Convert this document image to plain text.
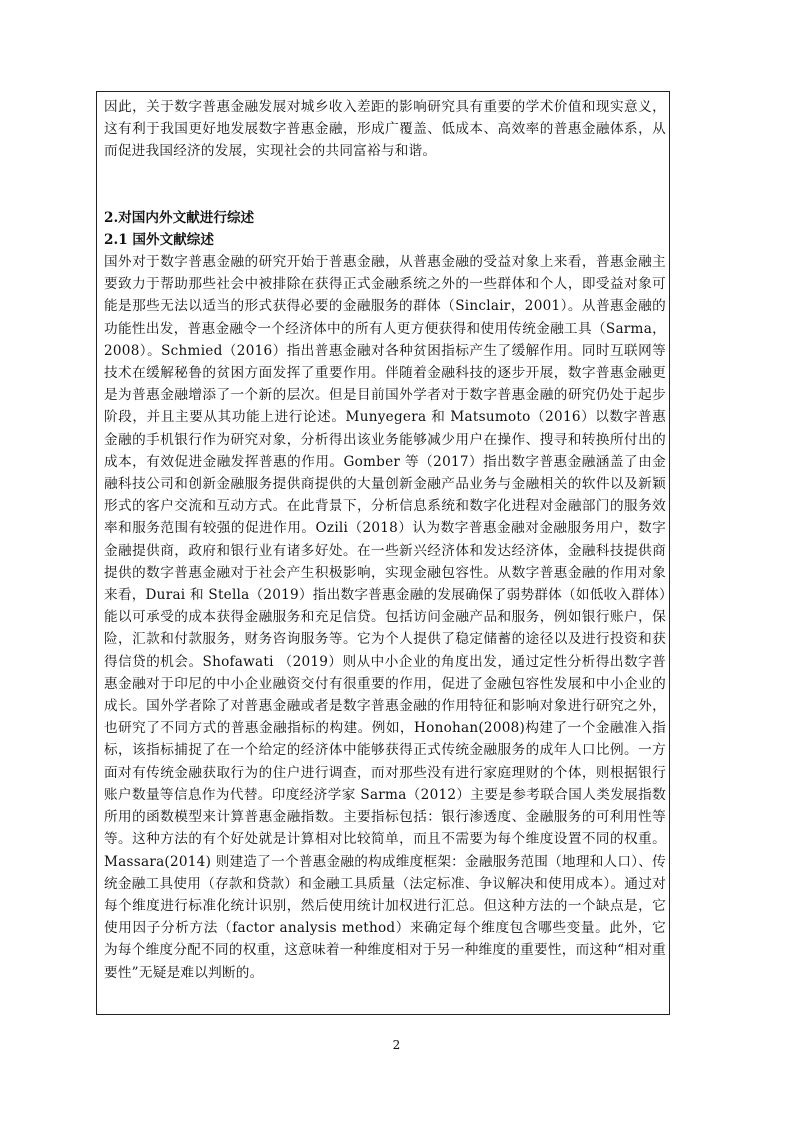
因此，关于数字普惠金融发展对城乡收入差距的影响研究具有重要的学术价值和现实意义，这有利于我国更好地发展数字普惠金融，形成广覆盖、低成本、高效率的普惠金融体系，从而促进我国经济的发展，实现社会的共同富裕与和谐。

2.对国内外文献进行综述

2.1 国外文献综述

国外对于数字普惠金融的研究开始于普惠金融，从普惠金融的受益对象上来看，普惠金融主要致力于帮助那些社会中被排除在获得正式金融系统之外的一些群体和个人，即受益对象可能是那些无法以适当的形式获得必要的金融服务的群体（Sinclair，2001）。从普惠金融的功能性出发，普惠金融令一个经济体中的所有人更方便获得和使用传统金融工具（Sarma，2008）。Schmied（2016）指出普惠金融对各种贫困指标产生了缓解作用。同时互联网等技术在缓解秘鲁的贫困方面发挥了重要作用。伴随着金融科技的逐步开展，数字普惠金融更是为普惠金融增添了一个新的层次。但是目前国外学者对于数字普惠金融的研究仍处于起步阶段，并且主要从其功能上进行论述。Munyegera 和 Matsumoto（2016）以数字普惠金融的手机银行作为研究对象，分析得出该业务能够减少用户在操作、搜寻和转换所付出的成本，有效促进金融发挥普惠的作用。Gomber 等（2017）指出数字普惠金融涵盖了由金融科技公司和创新金融服务提供商提供的大量创新金融产品业务与金融相关的软件以及新颖形式的客户交流和互动方式。在此背景下，分析信息系统和数字化进程对金融部门的服务效率和服务范围有较强的促进作用。Ozili（2018）认为数字普惠金融对金融服务用户，数字金融提供商，政府和银行业有诸多好处。在一些新兴经济体和发达经济体，金融科技提供商提供的数字普惠金融对于社会产生积极影响，实现金融包容性。从数字普惠金融的作用对象来看，Durai 和 Stella（2019）指出数字普惠金融的发展确保了弱势群体（如低收入群体）能以可承受的成本获得金融服务和充足信贷。包括访问金融产品和服务，例如银行账户，保险，汇款和付款服务，财务咨询服务等。它为个人提供了稳定储蓄的途径以及进行投资和获得信贷的机会。Shofawati （2019）则从中小企业的角度出发，通过定性分析得出数字普惠金融对于印尼的中小企业融资交付有很重要的作用，促进了金融包容性发展和中小企业的成长。国外学者除了对普惠金融或者是数字普惠金融的作用特征和影响对象进行研究之外，也研究了不同方式的普惠金融指标的构建。例如，Honohan(2008)构建了一个金融准入指标，该指标捕捉了在一个给定的经济体中能够获得正式传统金融服务的成年人口比例。一方面对有传统金融获取行为的住户进行调查，而对那些没有进行家庭理财的个体，则根据银行账户数量等信息作为代替。印度经济学家 Sarma（2012）主要是参考联合国人类发展指数所用的函数模型来计算普惠金融指数。主要指标包括：银行渗透度、金融服务的可利用性等等。这种方法的有个好处就是计算相对比较简单，而且不需要为每个维度设置不同的权重。Massara(2014) 则建造了一个普惠金融的构成维度框架：金融服务范围（地理和人口）、传统金融工具使用（存款和贷款）和金融工具质量（法定标准、争议解决和使用成本）。通过对每个维度进行标准化统计识别，然后使用统计加权进行汇总。但这种方法的一个缺点是，它使用因子分析方法（factor analysis method）来确定每个维度包含哪些变量。此外，它为每个维度分配不同的权重，这意味着一种维度相对于另一种维度的重要性，而这种“相对重要性”无疑是难以判断的。

2
